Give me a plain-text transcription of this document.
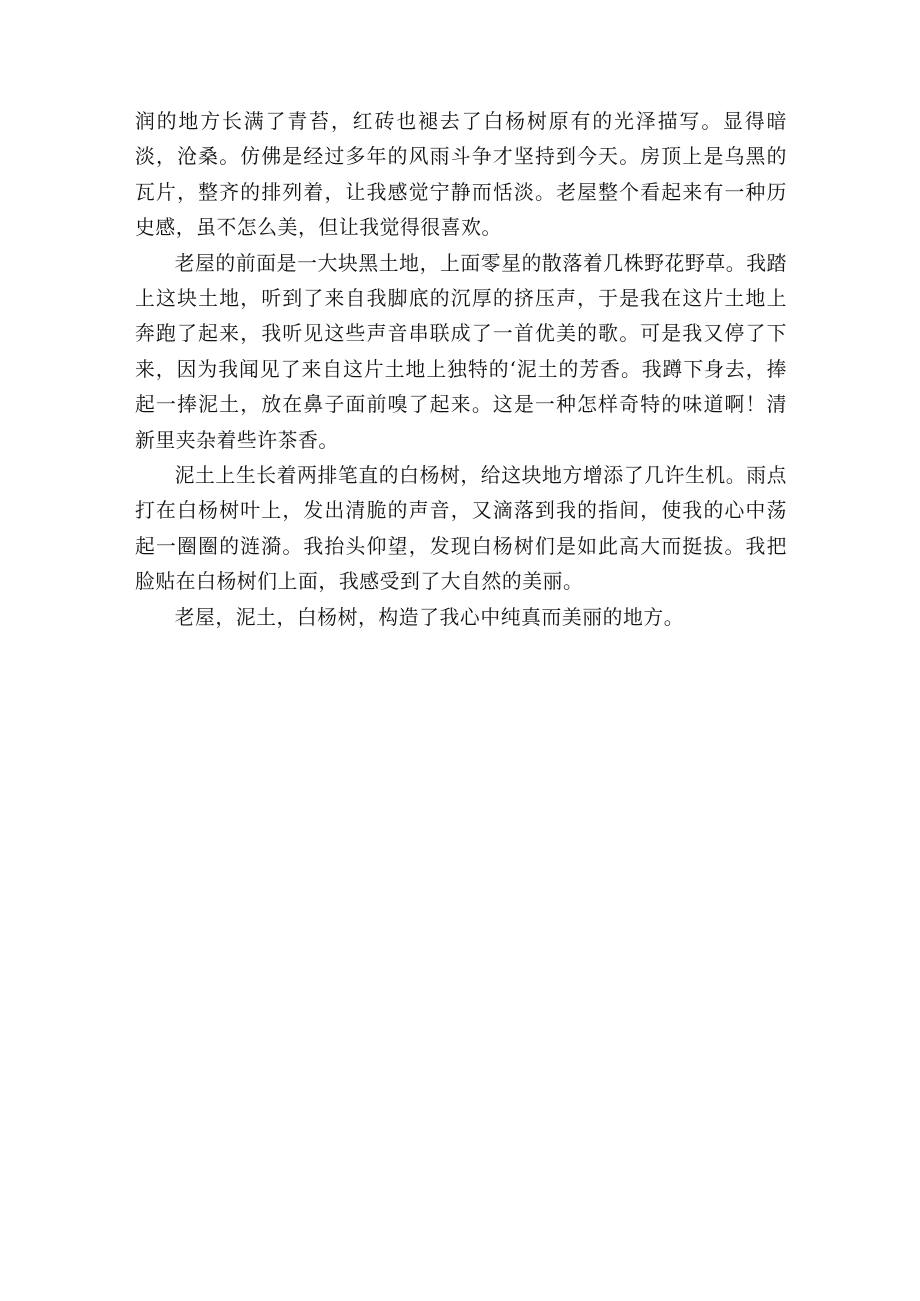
润的地方长满了青苔，红砖也褪去了白杨树原有的光泽描写。显得暗淡，沧桑。仿佛是经过多年的风雨斗争才坚持到今天。房顶上是乌黑的瓦片，整齐的排列着，让我感觉宁静而恬淡。老屋整个看起来有一种历史感，虽不怎么美，但让我觉得很喜欢。

老屋的前面是一大块黑土地，上面零星的散落着几株野花野草。我踏上这块土地，听到了来自我脚底的沉厚的挤压声，于是我在这片土地上奔跑了起来，我听见这些声音串联成了一首优美的歌。可是我又停了下来，因为我闻见了来自这片土地上独特的‘泥土的芳香。我蹲下身去，捧起一捧泥土，放在鼻子面前嗅了起来。这是一种怎样奇特的味道啊！清新里夹杂着些许茶香。

泥土上生长着两排笔直的白杨树，给这块地方增添了几许生机。雨点打在白杨树叶上，发出清脆的声音，又滴落到我的指间，使我的心中荡起一圈圈的涟漪。我抬头仰望，发现白杨树们是如此高大而挺拔。我把脸贴在白杨树们上面，我感受到了大自然的美丽。

老屋，泥土，白杨树，构造了我心中纯真而美丽的地方。
